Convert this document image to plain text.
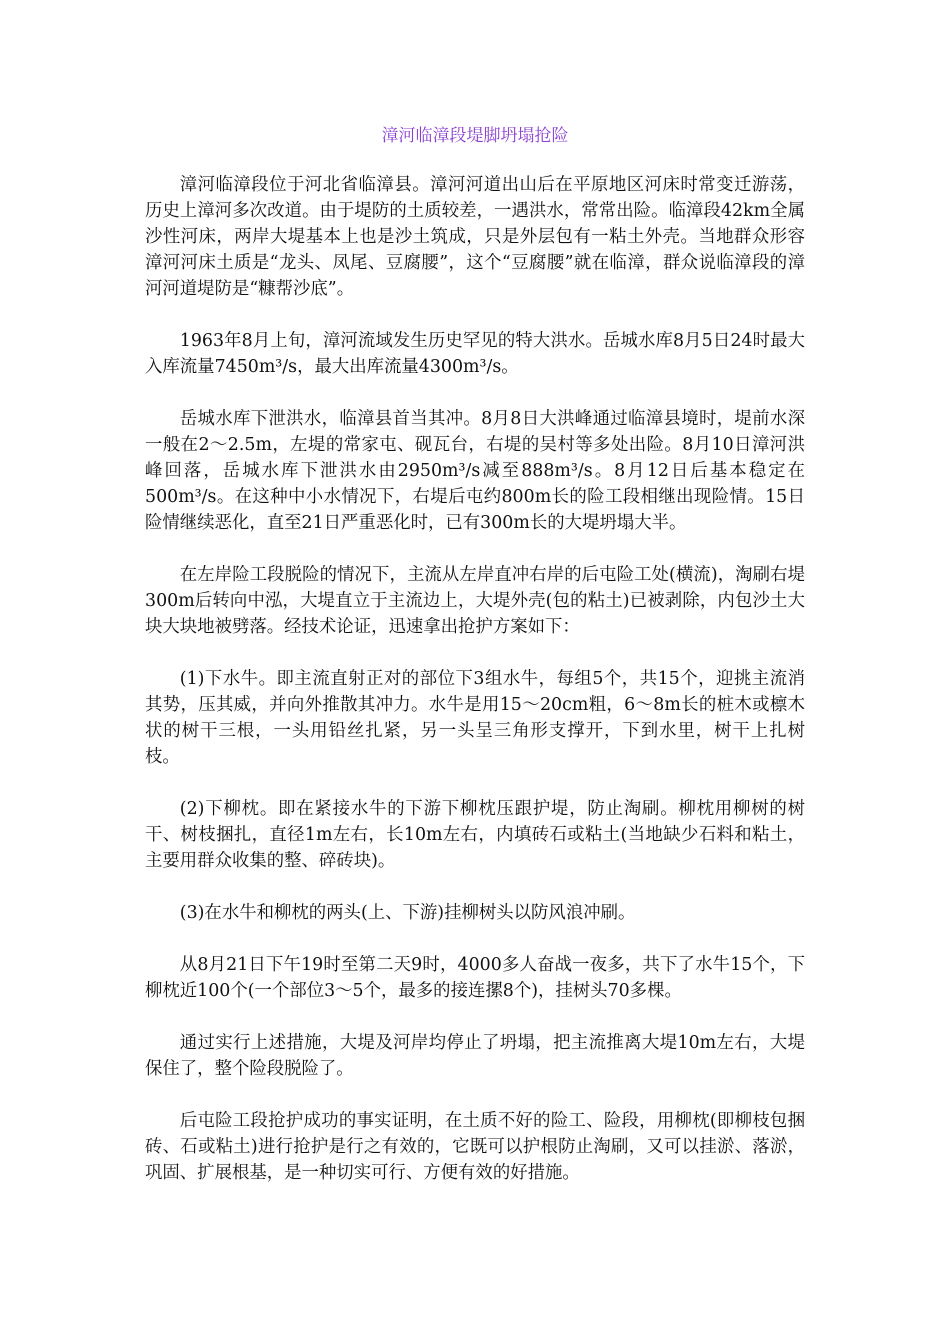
漳河临漳段堤脚坍塌抢险

漳河临漳段位于河北省临漳县。漳河河道出山后在平原地区河床时常变迁游荡，历史上漳河多次改道。由于堤防的土质较差，一遇洪水，常常出险。临漳段42km全属沙性河床，两岸大堤基本上也是沙土筑成，只是外层包有一粘土外壳。当地群众形容漳河河床土质是“龙头、凤尾、豆腐腰”，这个“豆腐腰”就在临漳，群众说临漳段的漳河河道堤防是“糠帮沙底”。

1963年8月上旬，漳河流域发生历史罕见的特大洪水。岳城水库8月5日24时最大入库流量7450m³/s，最大出库流量4300m³/s。

岳城水库下泄洪水，临漳县首当其冲。8月8日大洪峰通过临漳县境时，堤前水深一般在2～2.5m，左堤的常家屯、砚瓦台，右堤的吴村等多处出险。8月10日漳河洪峰回落，岳城水库下泄洪水由2950m³/s减至888m³/s。8月12日后基本稳定在500m³/s。在这种中小水情况下，右堤后屯约800m长的险工段相继出现险情。15日险情继续恶化，直至21日严重恶化时，已有300m长的大堤坍塌大半。

在左岸险工段脱险的情况下，主流从左岸直冲右岸的后屯险工处(横流)，淘刷右堤300m后转向中泓，大堤直立于主流边上，大堤外壳(包的粘土)已被剥除，内包沙土大块大块地被劈落。经技术论证，迅速拿出抢护方案如下：

(1)下水牛。即主流直射正对的部位下3组水牛，每组5个，共15个，迎挑主流消其势，压其威，并向外推散其冲力。水牛是用15～20cm粗，6～8m长的桩木或檩木状的树干三根，一头用铅丝扎紧，另一头呈三角形支撑开，下到水里，树干上扎树枝。

(2)下柳枕。即在紧接水牛的下游下柳枕压跟护堤，防止淘刷。柳枕用柳树的树干、树枝捆扎，直径1m左右，长10m左右，内填砖石或粘土(当地缺少石料和粘土，主要用群众收集的整、碎砖块)。

(3)在水牛和柳枕的两头(上、下游)挂柳树头以防风浪冲刷。

从8月21日下午19时至第二天9时，4000多人奋战一夜多，共下了水牛15个，下柳枕近100个(一个部位3～5个，最多的接连摞8个)，挂树头70多棵。

通过实行上述措施，大堤及河岸均停止了坍塌，把主流推离大堤10m左右，大堤保住了，整个险段脱险了。

后屯险工段抢护成功的事实证明，在土质不好的险工、险段，用柳枕(即柳枝包捆砖、石或粘土)进行抢护是行之有效的，它既可以护根防止淘刷，又可以挂淤、落淤，巩固、扩展根基，是一种切实可行、方便有效的好措施。
